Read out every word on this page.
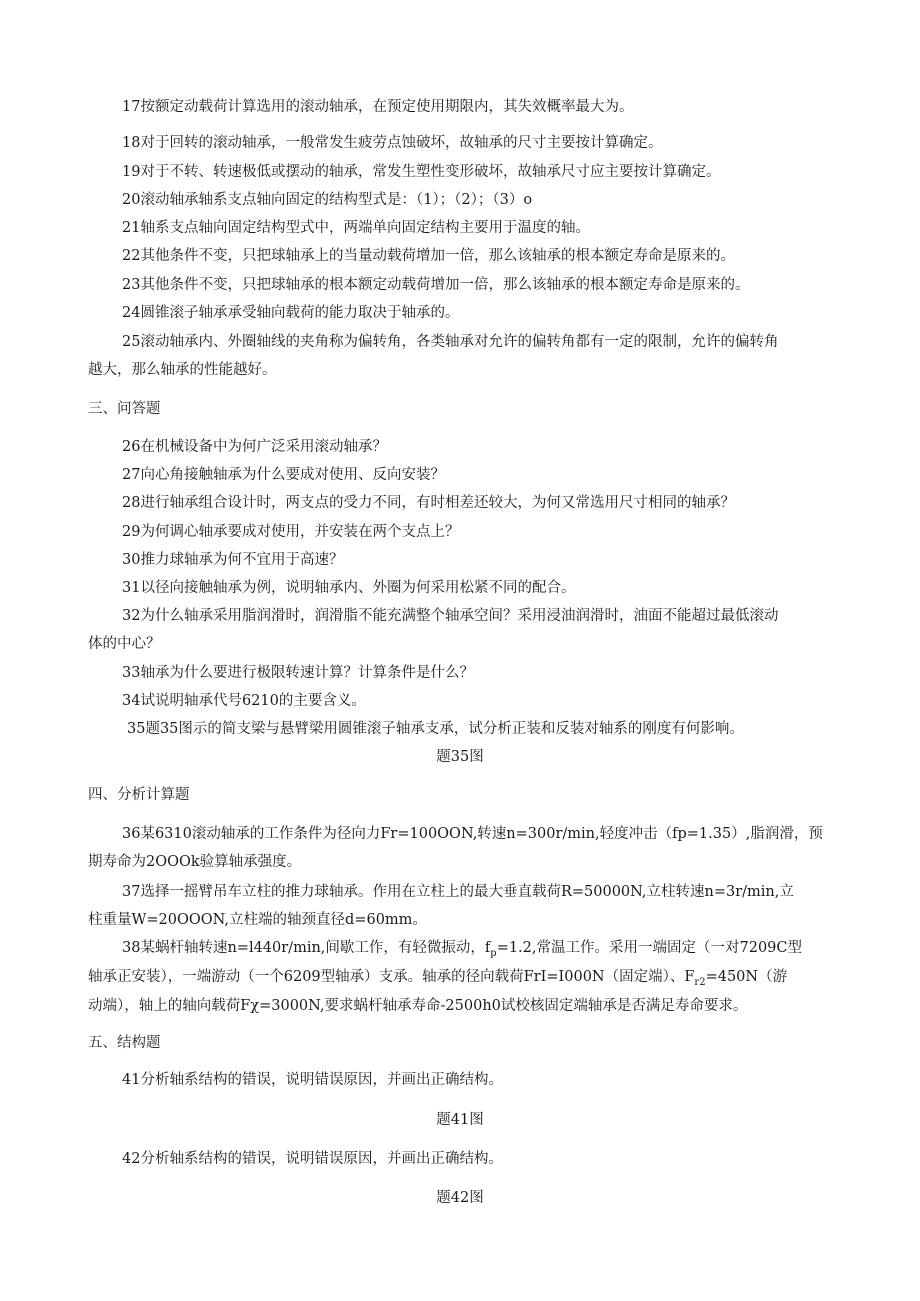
17按额定动载荷计算选用的滚动轴承，在预定使用期限内，其失效概率最大为。
18对于回转的滚动轴承，一般常发生疲劳点蚀破坏，故轴承的尺寸主要按计算确定。
19对于不转、转速极低或摆动的轴承，常发生塑性变形破坏，故轴承尺寸应主要按计算确定。
20滚动轴承轴系支点轴向固定的结构型式是：（1）；（2）；（3）o
21轴系支点轴向固定结构型式中，两端单向固定结构主要用于温度的轴。
22其他条件不变，只把球轴承上的当量动载荷增加一倍，那么该轴承的根本额定寿命是原来的。
23其他条件不变，只把球轴承的根本额定动载荷增加一倍，那么该轴承的根本额定寿命是原来的。
24圆锥滚子轴承承受轴向载荷的能力取决于轴承的。
25滚动轴承内、外圈轴线的夹角称为偏转角，各类轴承对允许的偏转角都有一定的限制，允许的偏转角
越大，那么轴承的性能越好。
三、问答题
26在机械设备中为何广泛采用滚动轴承？
27向心角接触轴承为什么要成对使用、反向安装？
28进行轴承组合设计时，两支点的受力不同，有时相差还较大，为何又常选用尺寸相同的轴承？
29为何调心轴承要成对使用，并安装在两个支点上？
30推力球轴承为何不宜用于高速？
31以径向接触轴承为例，说明轴承内、外圈为何采用松紧不同的配合。
32为什么轴承采用脂润滑时，润滑脂不能充满整个轴承空间？采用浸油润滑时，油面不能超过最低滚动
体的中心？
33轴承为什么要进行极限转速计算？计算条件是什么？
34试说明轴承代号6210的主要含义。
35题35图示的简支梁与悬臂梁用圆锥滚子轴承支承，试分析正装和反装对轴系的刚度有何影响。
题35图
四、分析计算题
36某6310滚动轴承的工作条件为径向力Fr=100OON,转速n=300r∕min,轻度冲击（fp=1.35）,脂润滑，预
期寿命为2OOOk验算轴承强度。
37选择一摇臂吊车立柱的推力球轴承。作用在立柱上的最大垂直载荷R=50000N,立柱转速n=3r/min,立
柱重量W=20OOON,立柱端的轴颈直径d=60mm。
38某蜗杆轴转速n=l440r∕min,间歇工作，有轻微振动，$f_p=1.2$,常温工作。采用一端固定（一对7209C型
轴承正安装），一端游动（一个6209型轴承）支承。轴承的径向载荷FrI=I000N（固定端）、$F_{r2}=450N$（游
动端），轴上的轴向载荷Fχ=3000N,要求蜗杆轴承寿命-2500h0试校核固定端轴承是否满足寿命要求。
五、结构题
41分析轴系结构的错误，说明错误原因，并画出正确结构。
题41图
42分析轴系结构的错误，说明错误原因，并画出正确结构。
题42图
